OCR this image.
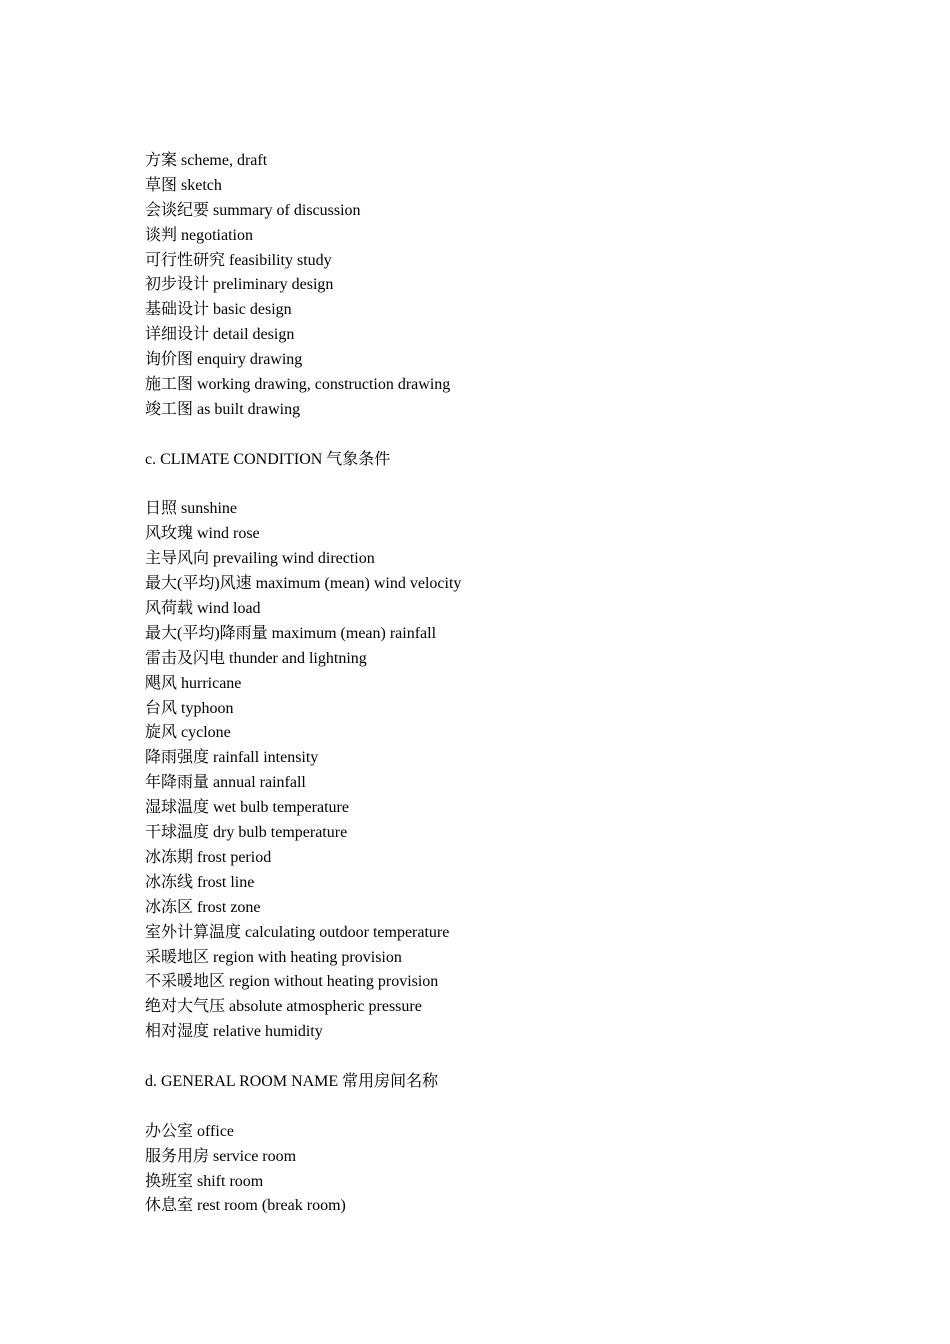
方案 scheme, draft
草图 sketch
会谈纪要 summary of discussion
谈判 negotiation
可行性研究 feasibility study
初步设计 preliminary design
基础设计 basic design
详细设计 detail design
询价图 enquiry drawing
施工图 working drawing, construction drawing
竣工图 as built drawing
c. CLIMATE CONDITION 气象条件
日照 sunshine
风玫瑰 wind rose
主导风向 prevailing wind direction
最大(平均)风速 maximum (mean) wind velocity
风荷载 wind load
最大(平均)降雨量 maximum (mean) rainfall
雷击及闪电 thunder and lightning
飓风 hurricane
台风 typhoon
旋风 cyclone
降雨强度 rainfall intensity
年降雨量 annual rainfall
湿球温度 wet bulb temperature
干球温度 dry bulb temperature
冰冻期 frost period
冰冻线 frost line
冰冻区 frost zone
室外计算温度 calculating outdoor temperature
采暖地区 region with heating provision
不采暖地区 region without heating provision
绝对大气压 absolute atmospheric pressure
相对湿度 relative humidity
d. GENERAL ROOM NAME 常用房间名称
办公室 office
服务用房 service room
换班室 shift room
休息室 rest room (break room)
